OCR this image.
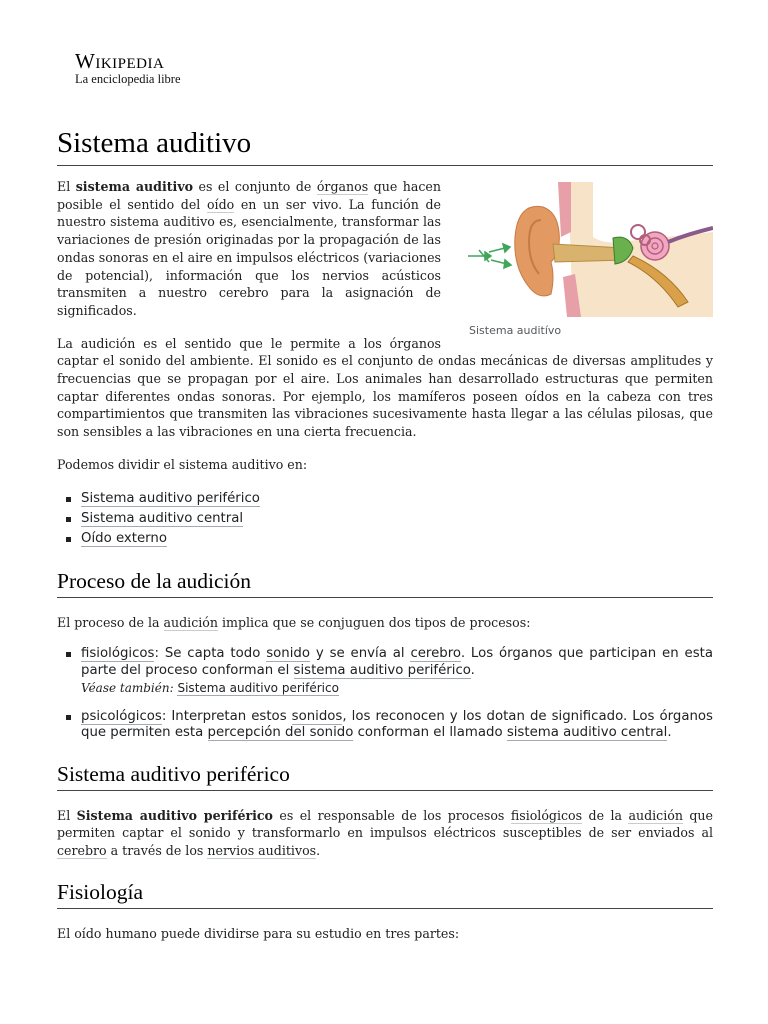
Wikipedia
La enciclopedia libre
Sistema auditivo
Sistema auditívo

El sistema auditivo es el conjunto de órganos que hacen posible el sentido del oído en un ser vivo. La función de nuestro sistema auditivo es, esencialmente, transformar las variaciones de presión originadas por la propagación de las ondas sonoras en el aire en impulsos eléctricos (variaciones de potencial), información que los nervios acústicos transmiten a nuestro cerebro para la asignación de significados.

La audición es el sentido que le permite a los órganos captar el sonido del ambiente. El sonido es el conjunto de ondas mecánicas de diversas amplitudes y frecuencias que se propagan por el aire. Los animales han desarrollado estructuras que permiten captar diferentes ondas sonoras. Por ejemplo, los mamíferos poseen oídos en la cabeza con tres compartimientos que transmiten las vibraciones sucesivamente hasta llegar a las células pilosas, que son sensibles a las vibraciones en una cierta frecuencia.

Podemos dividir el sistema auditivo en:

Sistema auditivo periférico
Sistema auditivo central
Oído externo
Proceso de la audición

El proceso de la audición implica que se conjuguen dos tipos de procesos:

fisiológicos: Se capta todo sonido y se envía al cerebro. Los órganos que participan en esta parte del proceso conforman el sistema auditivo periférico.
Véase también: Sistema auditivo periférico
psicológicos: Interpretan estos sonidos, los reconocen y los dotan de significado. Los órganos que permiten esta percepción del sonido conforman el llamado sistema auditivo central.
Sistema auditivo periférico

El Sistema auditivo periférico es el responsable de los procesos fisiológicos de la audición que permiten captar el sonido y transformarlo en impulsos eléctricos susceptibles de ser enviados al cerebro a través de los nervios auditivos.

Fisiología

El oído humano puede dividirse para su estudio en tres partes:
